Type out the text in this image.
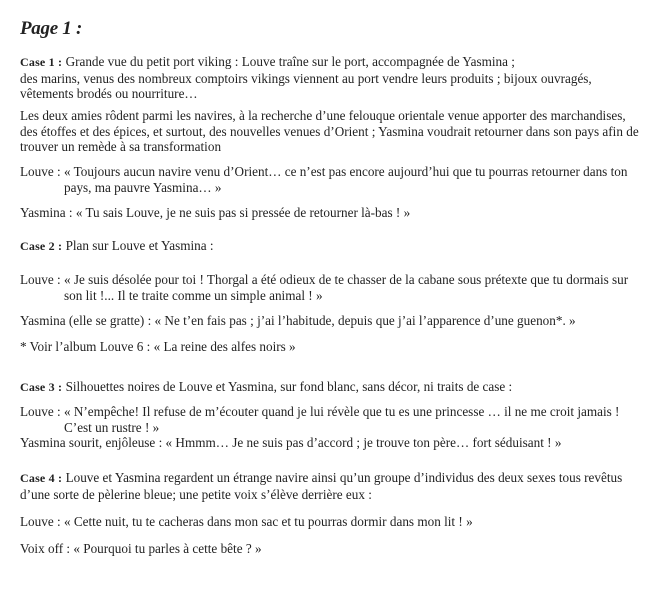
Page 1 :

Case 1 : Grande vue du petit port viking : Louve traîne sur le port, accompagnée de Yasmina ;
des marins, venus des nombreux comptoirs vikings viennent au port vendre leurs produits ; bijoux ouvragés, vêtements brodés ou nourriture…

Les deux amies rôdent parmi les navires, à la recherche d’une felouque orientale venue apporter des marchandises, des étoffes et des épices, et surtout, des nouvelles venues d’Orient ; Yasmina voudrait retourner dans son pays afin de trouver un remède à sa transformation

Louve : « Toujours aucun navire venu d’Orient… ce n’est pas encore aujourd’hui que tu pourras retourner dans ton pays, ma pauvre Yasmina… »

Yasmina : « Tu sais Louve, je ne suis pas si pressée de retourner là-bas ! »

Case 2 : Plan sur Louve et Yasmina :

Louve : « Je suis désolée pour toi ! Thorgal a été odieux de te chasser de la cabane sous prétexte que tu dormais sur son lit !... Il te traite comme un simple animal ! »

Yasmina (elle se gratte) : « Ne t’en fais pas ; j’ai l’habitude, depuis que j’ai l’apparence d’une guenon*. »

* Voir l’album Louve 6 : « La reine des alfes noirs »

Case 3 : Silhouettes noires de Louve et Yasmina, sur fond blanc, sans décor, ni traits de case :

Louve : « N’empêche! Il refuse de m’écouter quand je lui révèle que tu es une princesse … il ne me croit jamais ! C’est un rustre ! »

Yasmina sourit, enjôleuse : « Hmmm… Je ne suis pas d’accord ; je trouve ton père… fort séduisant ! »

Case 4 : Louve et Yasmina regardent un étrange navire ainsi qu’un groupe d’individus des deux sexes tous revêtus d’une sorte de pèlerine bleue; une petite voix s’élève derrière eux :

Louve : « Cette nuit, tu te cacheras dans mon sac et tu pourras dormir dans mon lit ! »

Voix off : « Pourquoi tu parles à cette bête ? »
